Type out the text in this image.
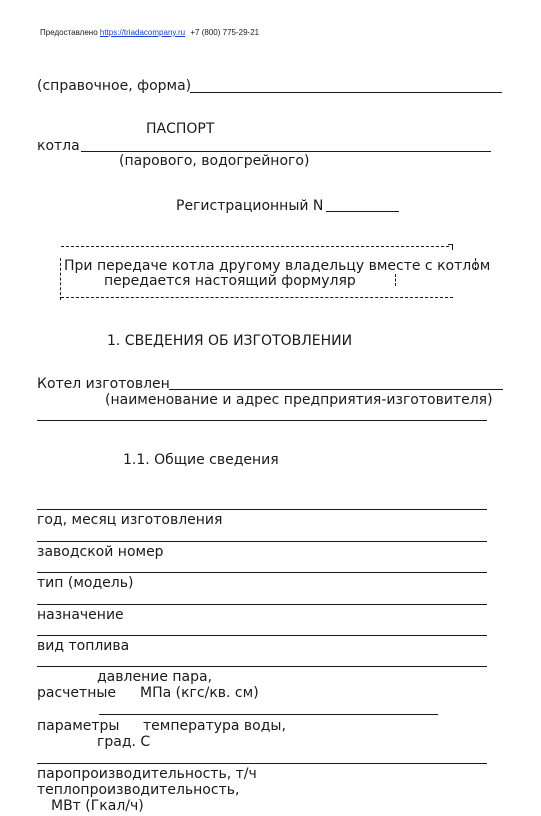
Предоставлено https://triadacompany.ru +7 (800) 775-29-21
(справочное, форма)
ПАСПОРТ
котла
(парового, водогрейного)
Регистрационный N
При передаче котла другому владельцу вместе с котлом
передается настоящий формуляр
1. СВЕДЕНИЯ ОБ ИЗГОТОВЛЕНИИ
Котел изготовлен
(наименование и адрес предприятия-изготовителя)
1.1. Общие сведения
год, месяц изготовления
заводской номер
тип (модель)
назначение
вид топлива
давление пара,
расчетные МПа (кгс/кв. см)
параметры температура воды,
град. С
паропроизводительность, т/ч
теплопроизводительность,
МВт (Гкал/ч)
